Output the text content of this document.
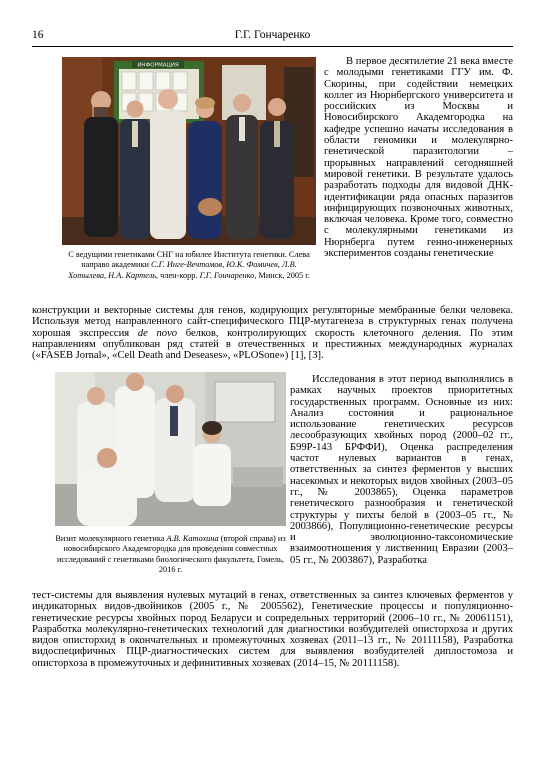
16	Г.Г. Гончаренко
ИНФОРМАЦИЯ

С ведущими генетиками СНГ на юбилее Института генетики. Слева направо академики С.Г. Инге-Вечтомов, Ю.К. Фомичев, Л.В. Хотылева, Н.А. Картель, член-корр. Г.Г. Гончаренко, Минск, 2005 г.

В первое десятилетие 21 века вместе с молодыми генетиками ГГУ им. Ф. Скорины, при содействии немецких коллег из Нюрнбергского университета и российских из Москвы и Новосибирского Академгородка на кафедре успешно начаты исследования в области геномики и молекулярно-генетической паразитологии – прорывных направлений сегодняшней мировой генетики. В результате удалось разработать подходы для видовой ДНК-идентификации ряда опасных паразитов инфицирующих позвоночных животных, включая человека. Кроме того, совместно с молекулярными генетиками из Нюрнберга путем генно-инженерных экспериментов созданы генетические

конструкции и векторные системы для генов, кодирующих регуляторные мембранные белки человека. Используя метод направленного сайт-специфического ПЦР-мутагенеза в структурных генах получена хорошая экспрессия de novo белков, контролирующих скорость клеточного деления. По этим направлениям опубликован ряд статей в отечественных и престижных международных журналах («FASEB Jornal», «Cell Death and Deseases», «PLOSone») [1], [3].

Визит молекулярного генетика А.В. Катохина (второй справа) из новосибирского Академгородка для проведения совместных исследований с генетиками биологического факультета, Гомель, 2016 г.

Исследования в этот период выполнялись в рамках научных проектов приоритетных государственных программ. Основные из них: Анализ состояния и рациональное использование генетических ресурсов лесообразующих хвойных пород (2000–02 гг., Б99Р-143 БРФФИ), Оценка распределения частот нулевых вариантов в генах, ответственных за синтез ферментов у высших насекомых и некоторых видов хвойных (2003–05 гг., № 2003865), Оценка параметров генетического разнообразия и генетической структуры у пихты белой в (2003–05 гг., № 2003866), Популяционно-генетические ресурсы и эволюционно-таксономические взаимоотношения у лиственниц Евразии (2003–05 гг., № 2003867), Разработка

тест-системы для выявления нулевых мутаций в генах, ответственных за синтез ключевых ферментов у индикаторных видов-двойников (2005 г., № 2005562), Генетические процессы и популяционно-генетические ресурсы хвойных пород Беларуси и сопредельных территорий (2006–10 гг., № 20061151), Разработка молекулярно-генетических технологий для диагностики возбудителей описторхоза и других видов описторхид в окончательных и промежуточных хозяевах (2011–13 гг., № 20111158), Разработка видоспецифичных ПЦР-диагностических систем для выявления возбудителей диплостомоза и описторхоза в промежуточных и дефинитивных хозяевах (2014–15, № 20111158).
